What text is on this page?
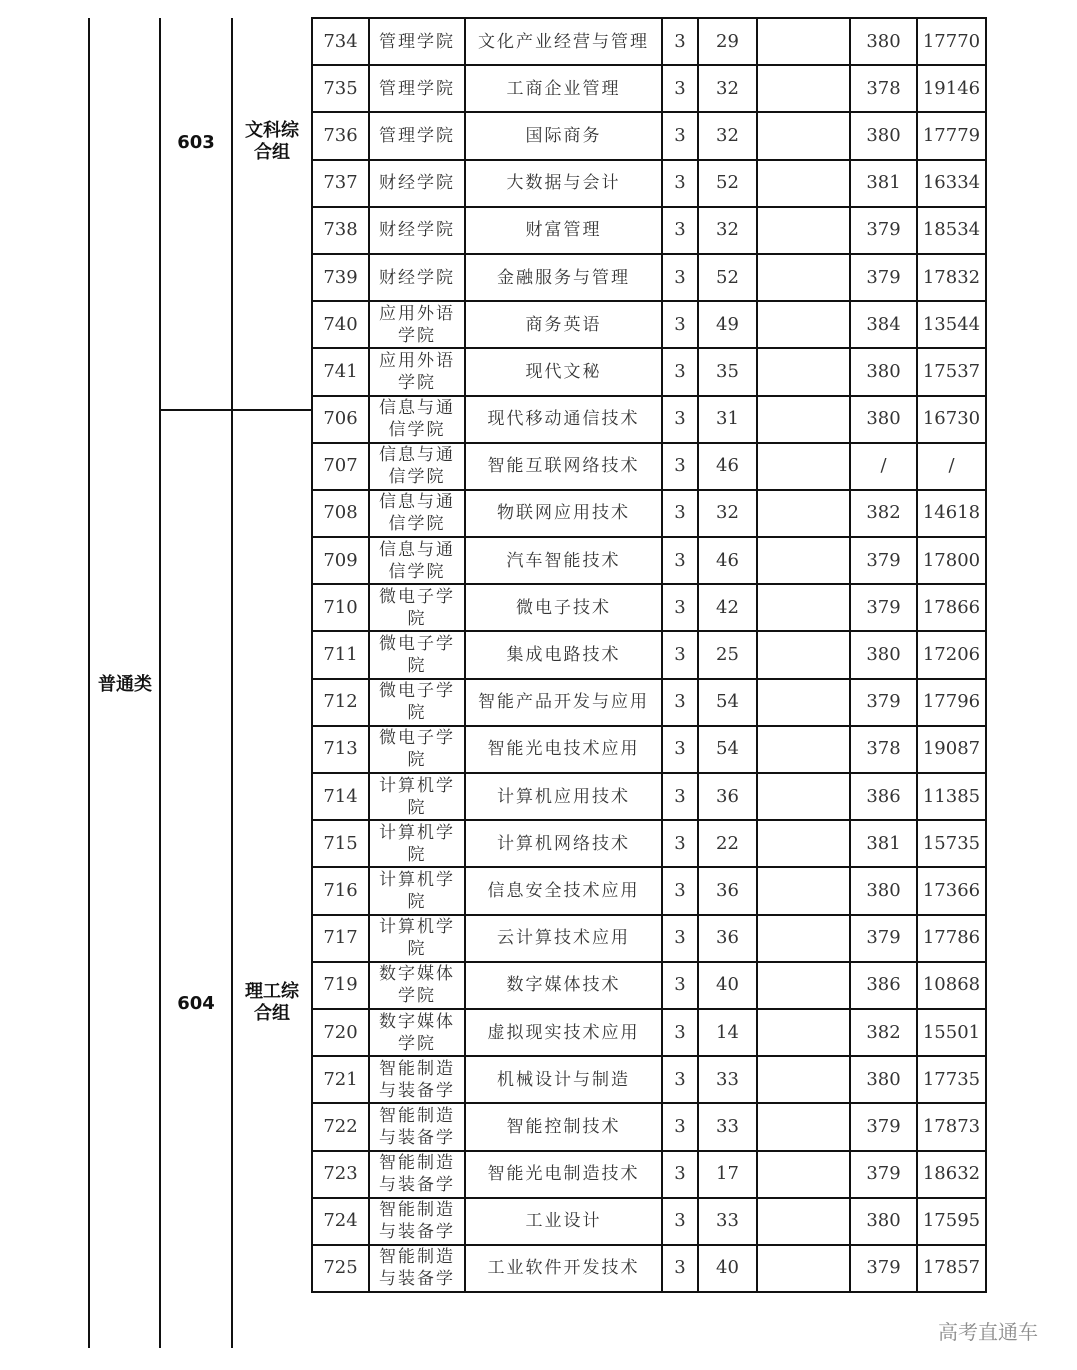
普通类
603
文科综合组
604
理工综合组
734	管理学院	文化产业经营与管理	3	29		380	17770
735	管理学院	工商企业管理	3	32		378	19146
736	管理学院	国际商务	3	32		380	17779
737	财经学院	大数据与会计	3	52		381	16334
738	财经学院	财富管理	3	32		379	18534
739	财经学院	金融服务与管理	3	52		379	17832
740	应用外语学院	商务英语	3	49		384	13544
741	应用外语学院	现代文秘	3	35		380	17537
706	信息与通信学院	现代移动通信技术	3	31		380	16730
707	信息与通信学院	智能互联网络技术	3	46		/	/
708	信息与通信学院	物联网应用技术	3	32		382	14618
709	信息与通信学院	汽车智能技术	3	46		379	17800
710	微电子学院	微电子技术	3	42		379	17866
711	微电子学院	集成电路技术	3	25		380	17206
712	微电子学院	智能产品开发与应用	3	54		379	17796
713	微电子学院	智能光电技术应用	3	54		378	19087
714	计算机学院	计算机应用技术	3	36		386	11385
715	计算机学院	计算机网络技术	3	22		381	15735
716	计算机学院	信息安全技术应用	3	36		380	17366
717	计算机学院	云计算技术应用	3	36		379	17786
719	数字媒体学院	数字媒体技术	3	40		386	10868
720	数字媒体学院	虚拟现实技术应用	3	14		382	15501
721	智能制造与装备学	机械设计与制造	3	33		380	17735
722	智能制造与装备学	智能控制技术	3	33		379	17873
723	智能制造与装备学	智能光电制造技术	3	17		379	18632
724	智能制造与装备学	工业设计	3	33		380	17595
725	智能制造与装备学	工业软件开发技术	3	40		379	17857
高考直通车
